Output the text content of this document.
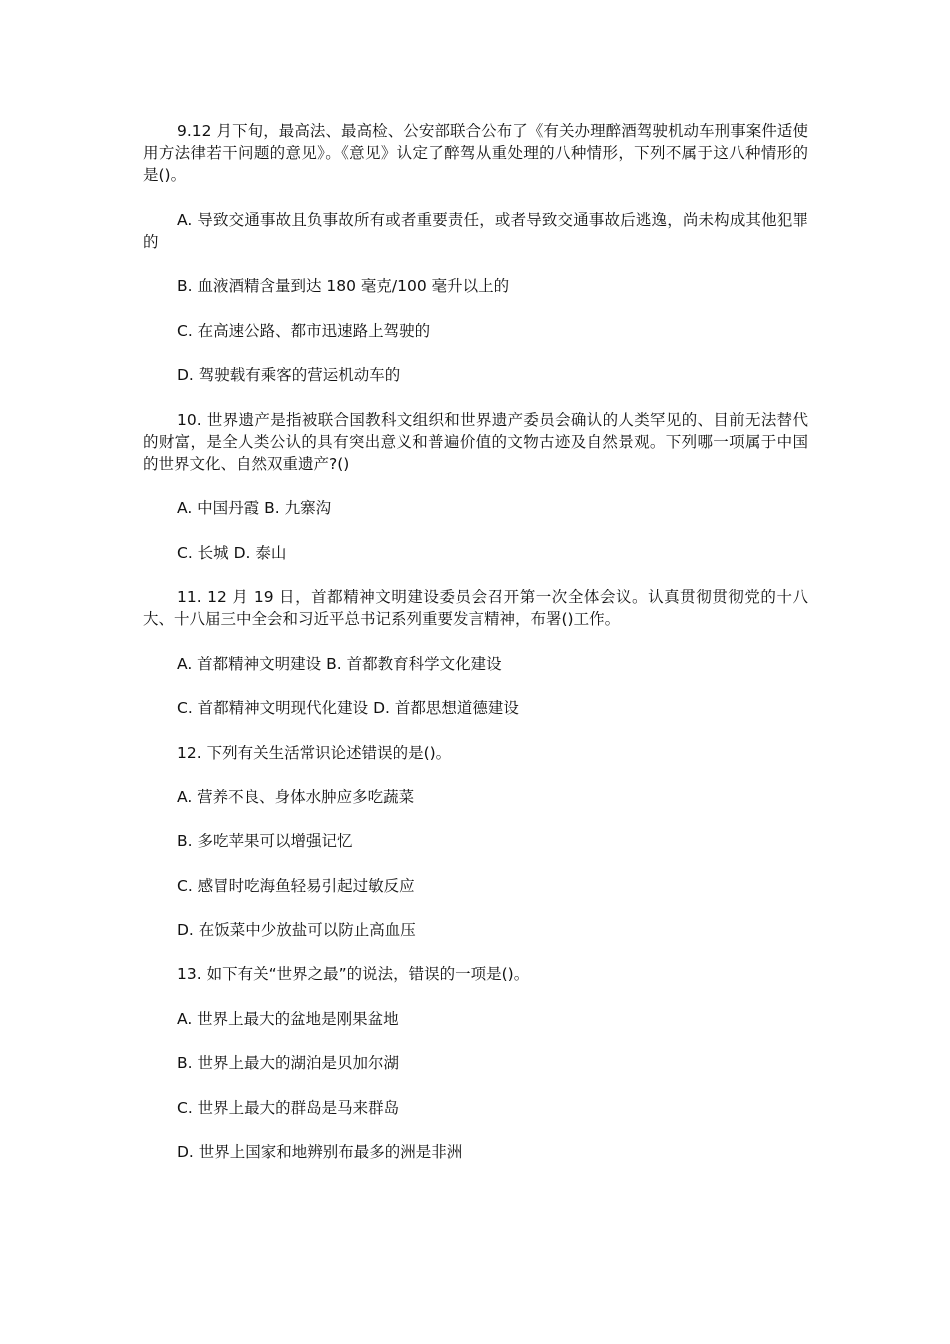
9.12 月下旬，最高法、最高检、公安部联合公布了《有关办理醉酒驾驶机动车刑事案件适使用方法律若干问题的意见》。《意见》认定了醉驾从重处理的八种情形，下列不属于这八种情形的是()。

A. 导致交通事故且负事故所有或者重要责任，或者导致交通事故后逃逸，尚未构成其他犯罪的

B. 血液酒精含量到达 180 毫克/100 毫升以上的

C. 在高速公路、都市迅速路上驾驶的

D. 驾驶载有乘客的营运机动车的

10. 世界遗产是指被联合国教科文组织和世界遗产委员会确认的人类罕见的、目前无法替代的财富，是全人类公认的具有突出意义和普遍价值的文物古迹及自然景观。下列哪一项属于中国的世界文化、自然双重遗产?()

A. 中国丹霞 B. 九寨沟

C. 长城 D. 泰山

11. 12 月 19 日，首都精神文明建设委员会召开第一次全体会议。认真贯彻贯彻党的十八大、十八届三中全会和习近平总书记系列重要发言精神，布署()工作。

A. 首都精神文明建设 B. 首都教育科学文化建设

C. 首都精神文明现代化建设 D. 首都思想道德建设

12. 下列有关生活常识论述错误的是()。

A. 营养不良、身体水肿应多吃蔬菜

B. 多吃苹果可以增强记忆

C. 感冒时吃海鱼轻易引起过敏反应

D. 在饭菜中少放盐可以防止高血压

13. 如下有关“世界之最”的说法，错误的一项是()。

A. 世界上最大的盆地是刚果盆地

B. 世界上最大的湖泊是贝加尔湖

C. 世界上最大的群岛是马来群岛

D. 世界上国家和地辨别布最多的洲是非洲
